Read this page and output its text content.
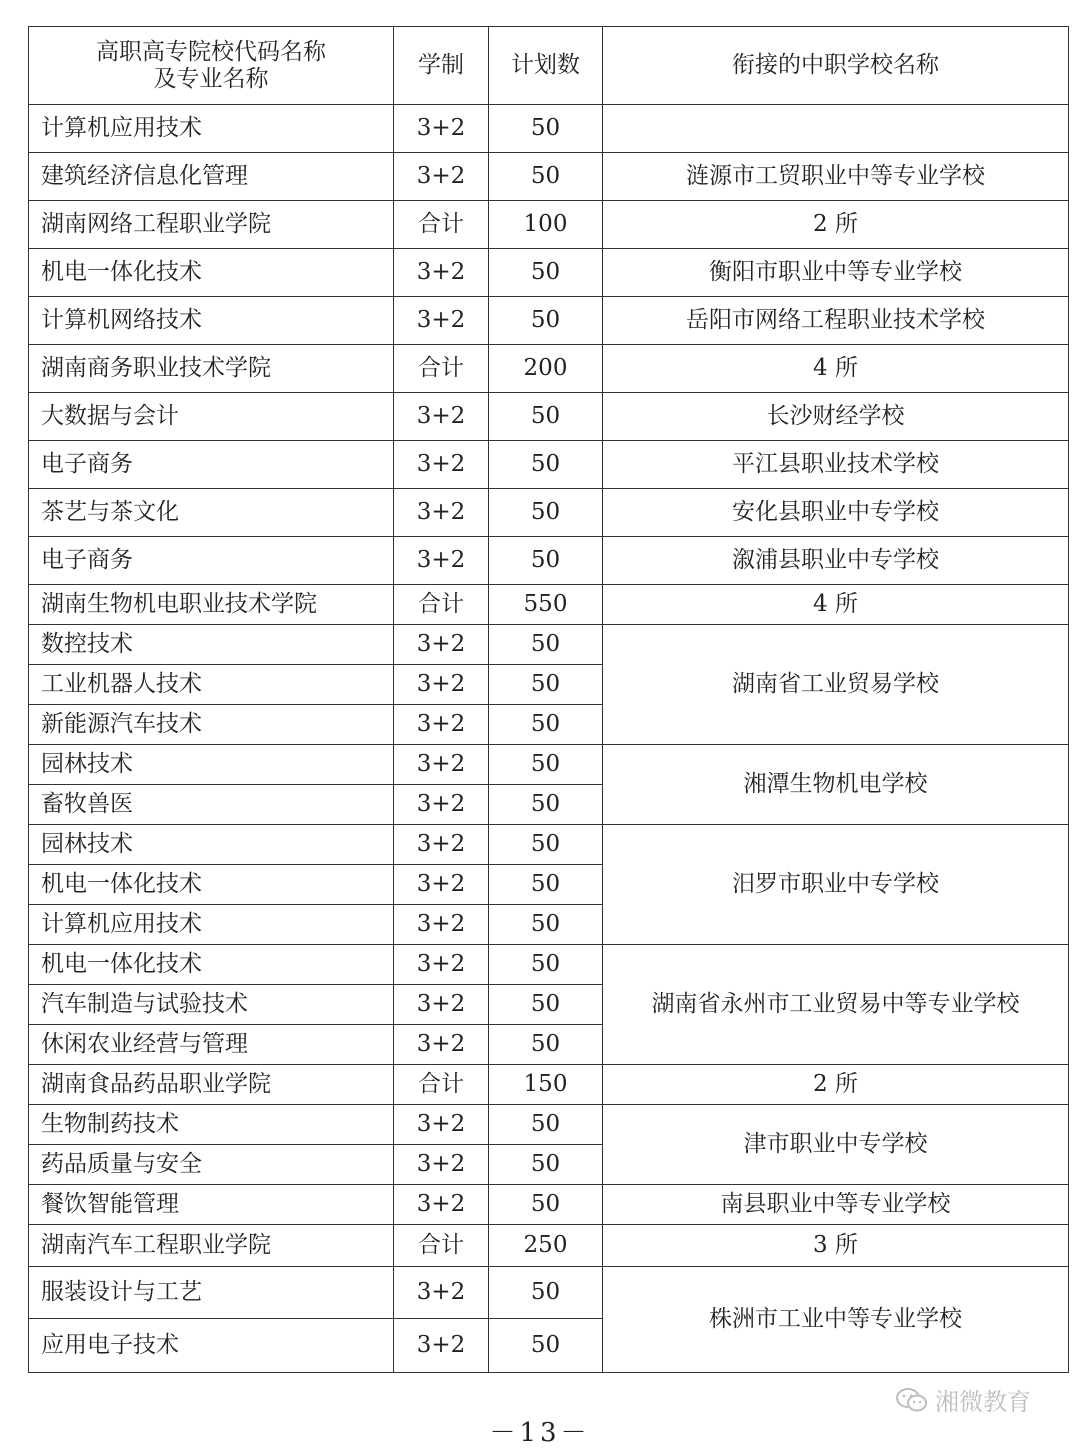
高职高专院校代码名称
及专业名称	学制	计划数	衔接的中职学校名称
计算机应用技术	3+2	50	
建筑经济信息化管理	3+2	50	涟源市工贸职业中等专业学校
湖南网络工程职业学院	合计	100	2 所
机电一体化技术	3+2	50	衡阳市职业中等专业学校
计算机网络技术	3+2	50	岳阳市网络工程职业技术学校
湖南商务职业技术学院	合计	200	4 所
大数据与会计	3+2	50	长沙财经学校
电子商务	3+2	50	平江县职业技术学校
茶艺与茶文化	3+2	50	安化县职业中专学校
电子商务	3+2	50	溆浦县职业中专学校
湖南生物机电职业技术学院	合计	550	4 所
数控技术	3+2	50	湖南省工业贸易学校
工业机器人技术	3+2	50	
新能源汽车技术	3+2	50	
园林技术	3+2	50	湘潭生物机电学校
畜牧兽医	3+2	50	
园林技术	3+2	50	汨罗市职业中专学校
机电一体化技术	3+2	50	
计算机应用技术	3+2	50	
机电一体化技术	3+2	50	湖南省永州市工业贸易中等专业学校
汽车制造与试验技术	3+2	50	
休闲农业经营与管理	3+2	50	
湖南食品药品职业学院	合计	150	2 所
生物制药技术	3+2	50	津市职业中专学校
药品质量与安全	3+2	50	
餐饮智能管理	3+2	50	南县职业中等专业学校
湖南汽车工程职业学院	合计	250	3 所
服装设计与工艺	3+2	50	株洲市工业中等专业学校
应用电子技术	3+2	50	
湘微教育
－13－
